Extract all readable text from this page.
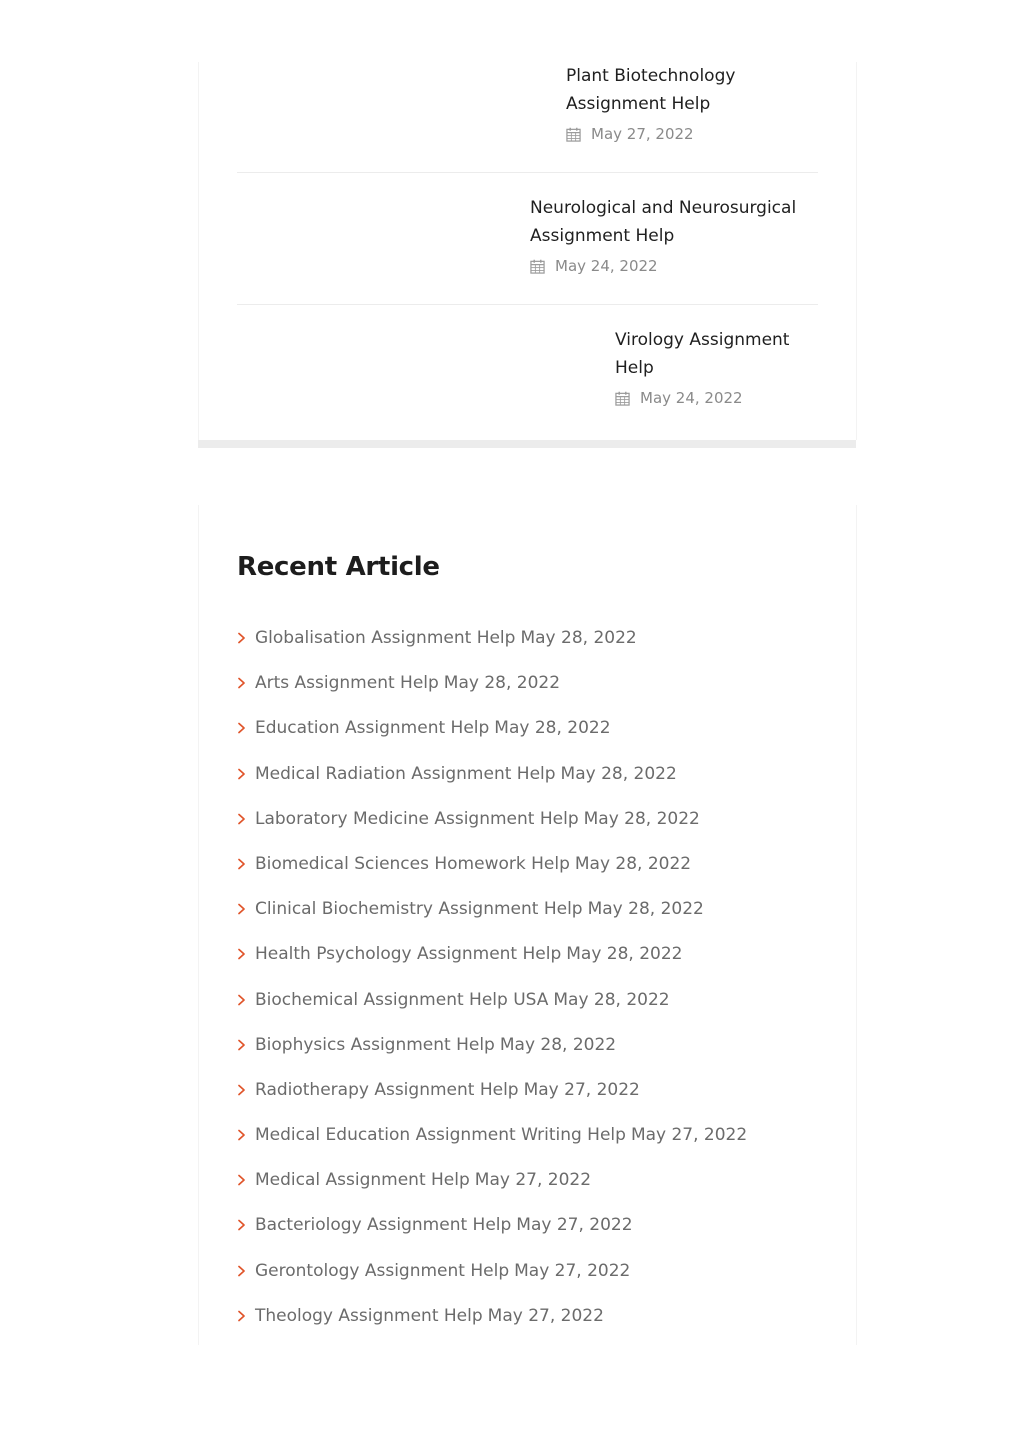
Plant Biotechnology Assignment Help
May 27, 2022
Neurological and Neurosurgical Assignment Help
May 24, 2022
Virology Assignment Help
May 24, 2022
Recent Article
Globalisation Assignment Help May 28, 2022
Arts Assignment Help May 28, 2022
Education Assignment Help May 28, 2022
Medical Radiation Assignment Help May 28, 2022
Laboratory Medicine Assignment Help May 28, 2022
Biomedical Sciences Homework Help May 28, 2022
Clinical Biochemistry Assignment Help May 28, 2022
Health Psychology Assignment Help May 28, 2022
Biochemical Assignment Help USA May 28, 2022
Biophysics Assignment Help May 28, 2022
Radiotherapy Assignment Help May 27, 2022
Medical Education Assignment Writing Help May 27, 2022
Medical Assignment Help May 27, 2022
Bacteriology Assignment Help May 27, 2022
Gerontology Assignment Help May 27, 2022
Theology Assignment Help May 27, 2022
